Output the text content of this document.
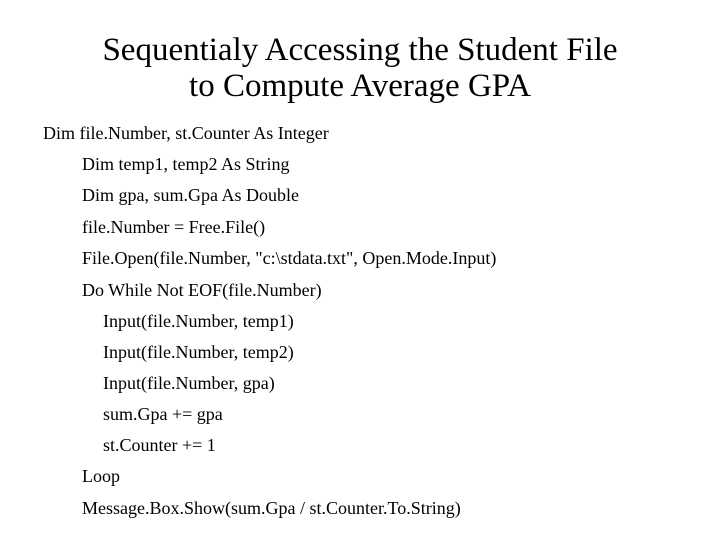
Sequentialy Accessing the Student File
to Compute Average GPA
Dim file.Number, st.Counter As Integer
Dim temp1, temp2 As String
Dim gpa, sum.Gpa As Double
file.Number = Free.File()
File.Open(file.Number, "c:\stdata.txt", Open.Mode.Input)
Do While Not EOF(file.Number)
Input(file.Number, temp1)
Input(file.Number, temp2)
Input(file.Number, gpa)
sum.Gpa += gpa
st.Counter += 1
Loop
Message.Box.Show(sum.Gpa / st.Counter.To.String)
